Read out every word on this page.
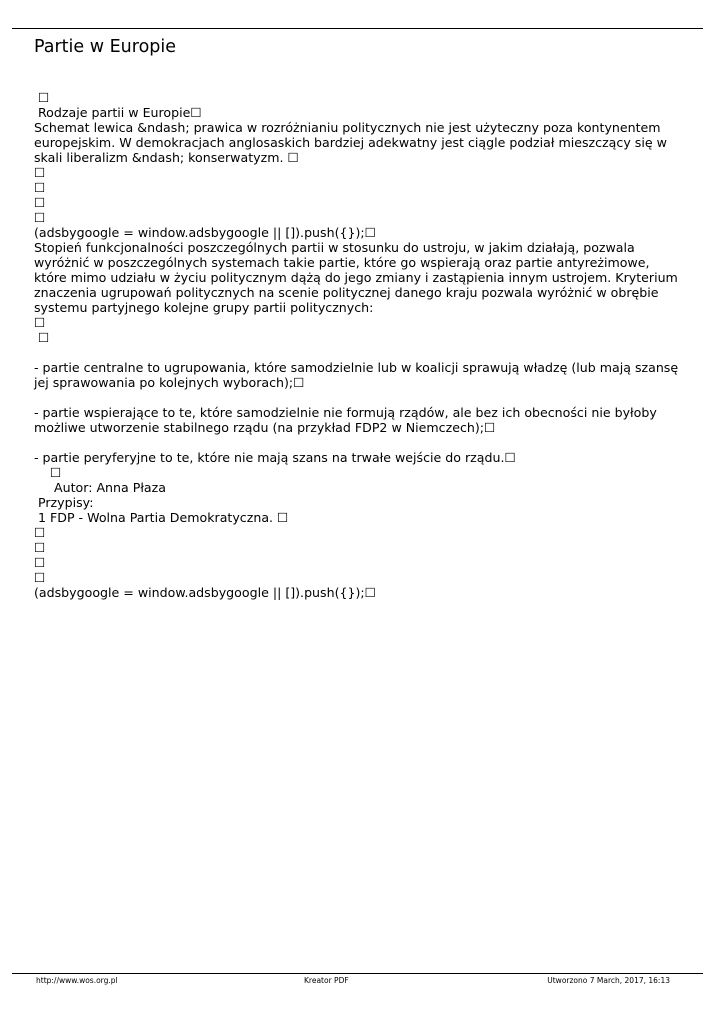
Partie w Europie
☐
Rodzaje partii w Europie☐

Schemat lewica &ndash; prawica w rozróżnianiu politycznych nie jest użyteczny poza kontynentem europejskim. W demokracjach anglosaskich bardziej adekwatny jest ciągle podział mieszczący się w skali liberalizm &ndash; konserwatyzm. ☐

☐
☐
☐
☐
(adsbygoogle = window.adsbygoogle || []).push({});☐

Stopień funkcjonalności poszczególnych partii w stosunku do ustroju, w jakim działają, pozwala wyróżnić w poszczególnych systemach takie partie, które go wspierają oraz partie antyreżimowe, które mimo udziału w życiu politycznym dążą do jego zmiany i zastąpienia innym ustrojem. Kryterium znaczenia ugrupowań politycznych na scenie politycznej danego kraju pozwala wyróżnić w obrębie systemu partyjnego kolejne grupy partii politycznych:

☐
☐

- partie centralne to ugrupowania, które samodzielnie lub w koalicji sprawują władzę (lub mają szansę jej sprawowania po kolejnych wyborach);☐

- partie wspierające to te, które samodzielnie nie formują rządów, ale bez ich obecności nie byłoby możliwe utworzenie stabilnego rządu (na przykład FDP2 w Niemczech);☐

- partie peryferyjne to te, które nie mają szans na trwałe wejście do rządu.☐

☐
Autor: Anna Płaza
Przypisy:
1 FDP - Wolna Partia Demokratyczna. ☐
☐
☐
☐
☐
(adsbygoogle = window.adsbygoogle || []).push({});☐
http://www.wos.org.pl	Kreator PDF	Utworzono 7 March, 2017, 16:13
